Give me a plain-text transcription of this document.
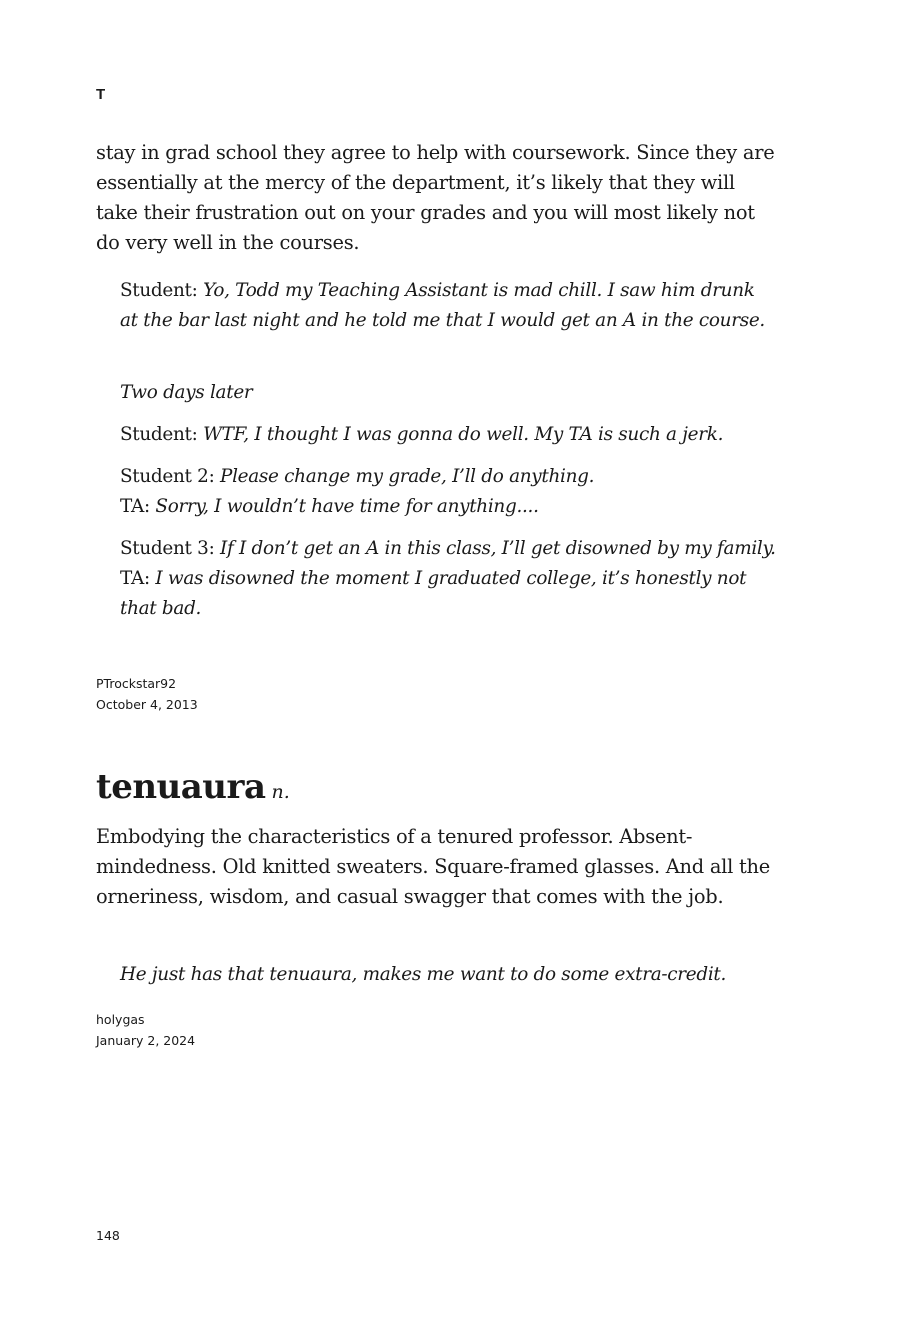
T

stay in grad school they agree to help with coursework. Since they are essentially at the mercy of the department, it’s likely that they will take their frustration out on your grades and you will most likely not do very well in the courses.

Student: Yo, Todd my Teaching Assistant is mad chill. I saw him drunk at the bar last night and he told me that I would get an A in the course.

Two days later

Student: WTF, I thought I was gonna do well. My TA is such a jerk.

Student 2: Please change my grade, I’ll do anything.

TA: Sorry, I wouldn’t have time for anything....

Student 3: If I don’t get an A in this class, I’ll get disowned by my family.

TA: I was disowned the moment I graduated college, it’s honestly not that bad.

PTrockstar92
October 4, 2013
tenuaura n.

Embodying the characteristics of a tenured professor. Absent-mindedness. Old knitted sweaters. Square-framed glasses. And all the orneriness, wisdom, and casual swagger that comes with the job.

He just has that tenuaura, makes me want to do some extra-credit.

holygas
January 2, 2024
148
